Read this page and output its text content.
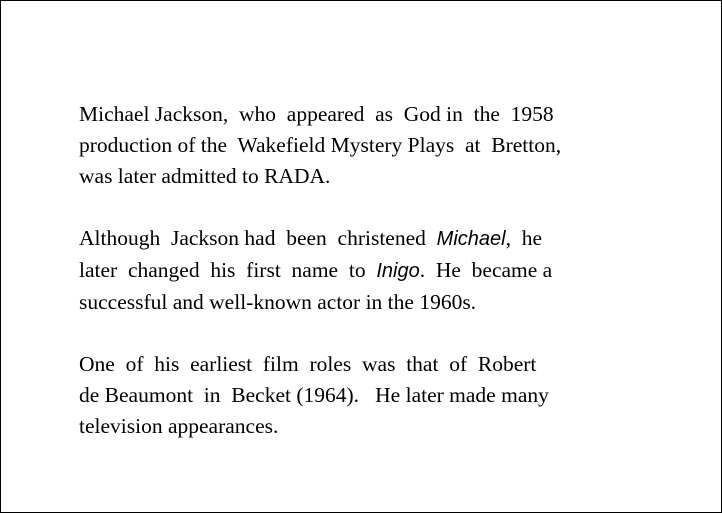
Michael Jackson,  who  appeared  as  God in  the  1958
production of the  Wakefield Mystery Plays  at  Bretton,
was later admitted to RADA.

Although  Jackson had  been  christened  Michael,  he
later  changed  his  first  name  to  Inigo.  He  became a
successful and well-known actor in the 1960s.

One  of  his  earliest  film  roles  was  that  of  Robert
de Beaumont  in  Becket (1964).   He later made many
television appearances.
